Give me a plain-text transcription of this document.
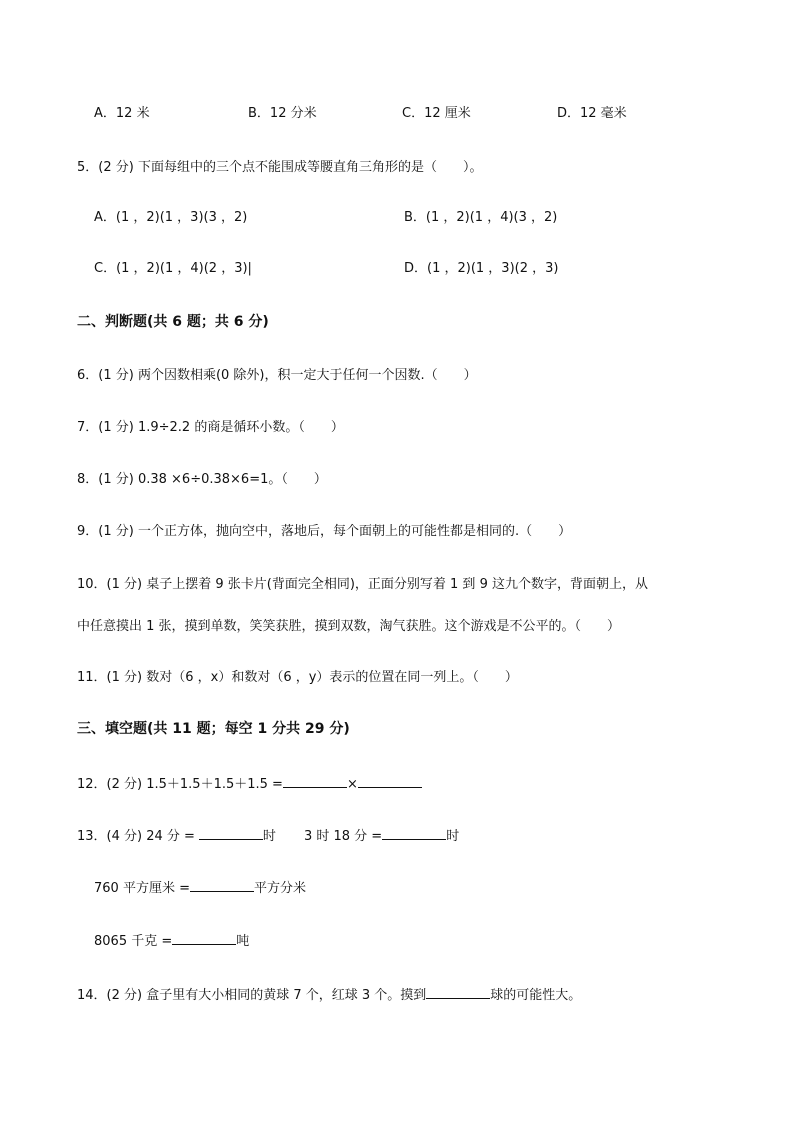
A．12 米	B．12 分米	C．12 厘米	D．12 毫米
5．(2 分) 下面每组中的三个点不能围成等腰直角三角形的是（　　）。
A．(1 ，2)(1 ，3)(3 ，2)	B．(1 ，2)(1 ，4)(3 ，2)
C．(1 ，2)(1 ，4)(2 ，3)|	D．(1 ，2)(1 ，3)(2 ，3)
二、判断题(共 6 题；共 6 分)
6．(1 分) 两个因数相乘(0 除外)，积一定大于任何一个因数.（　　）
7．(1 分) 1.9÷2.2 的商是循环小数。（　　）
8．(1 分) 0.38 ×6÷0.38×6=1。（　　）
9．(1 分) 一个正方体，抛向空中，落地后，每个面朝上的可能性都是相同的.（　　）
10．(1 分) 桌子上摆着 9 张卡片(背面完全相同)，正面分别写着 1 到 9 这九个数字，背面朝上，从
中任意摸出 1 张，摸到单数，笑笑获胜，摸到双数，淘气获胜。这个游戏是不公平的。（　　）
11．(1 分) 数对（6 ，x）和数对（6 ，y）表示的位置在同一列上。（　　）
三、填空题(共 11 题；每空 1 分共 29 分)
12．(2 分) 1.5＋1.5＋1.5＋1.5 =	×
13．(4 分) 24 分 =	时 3 时 18 分 =	时
760 平方厘米 =	平方分米
8065 千克 =	吨
14．(2 分) 盒子里有大小相同的黄球 7 个，红球 3 个。摸到	球的可能性大。
